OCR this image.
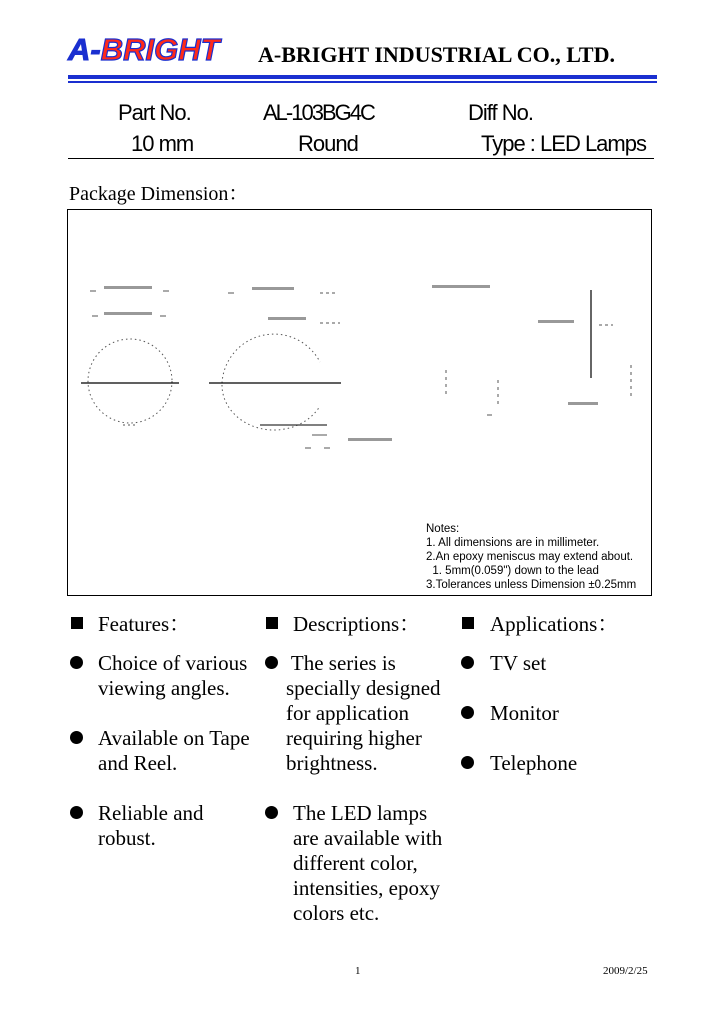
A-BRIGHT A-BRIGHT INDUSTRIAL CO., LTD.
Part No.	AL-103BG4C	Diff No.
10 mm	Round	Type : LED Lamps
Package Dimension：
Notes:
1. All dimensions are in millimeter.
2.An epoxy meniscus may extend about.
1. 5mm(0.059") down to the lead
3.Tolerances unless Dimension ±0.25mm
Features：
Choice of various
viewing angles.
Available on Tape
and Reel.
Reliable and
robust.
Descriptions：
The series is
specially designed
for application
requiring higher
brightness.
The LED lamps
are available with
different color,
intensities, epoxy
colors etc.
Applications：
TV set
Monitor
Telephone
1	2009/2/25
